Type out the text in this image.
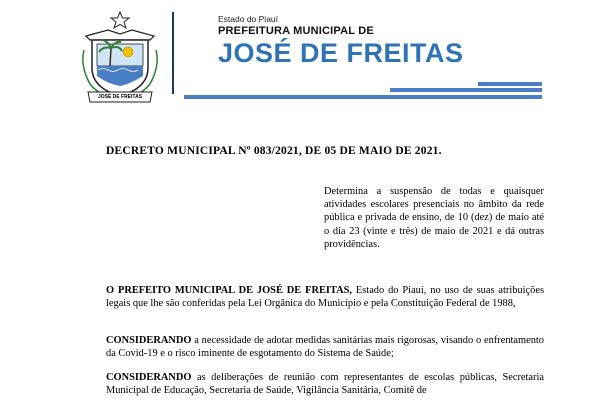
JOSÉ DE FREITAS
Estado do Piauí
PREFEITURA MUNICIPAL DE
JOSÉ DE FREITAS
DECRETO MUNICIPAL Nº 083/2021, DE 05 DE MAIO DE 2021.
Determina a suspensão de todas e quaisquer atividades escolares presenciais no âmbito da rede pública e privada de ensino, de 10 (dez) de maio até o dia 23 (vinte e três) de maio de 2021 e dá outras providências.
O PREFEITO MUNICIPAL DE JOSÉ DE FREITAS, Estado do Piauí, no uso de suas atribuições legais que lhe são conferidas pela Lei Orgânica do Município e pela Constituição Federal de 1988,
CONSIDERANDO a necessidade de adotar medidas sanitárias mais rigorosas, visando o enfrentamento da Covid-19 e o risco iminente de esgotamento do Sistema de Saúde;
CONSIDERANDO as deliberações de reunião com representantes de escolas públicas, Secretaria Municipal de Educação, Secretaria de Saúde, Vigilância Sanitária, Comitê de
